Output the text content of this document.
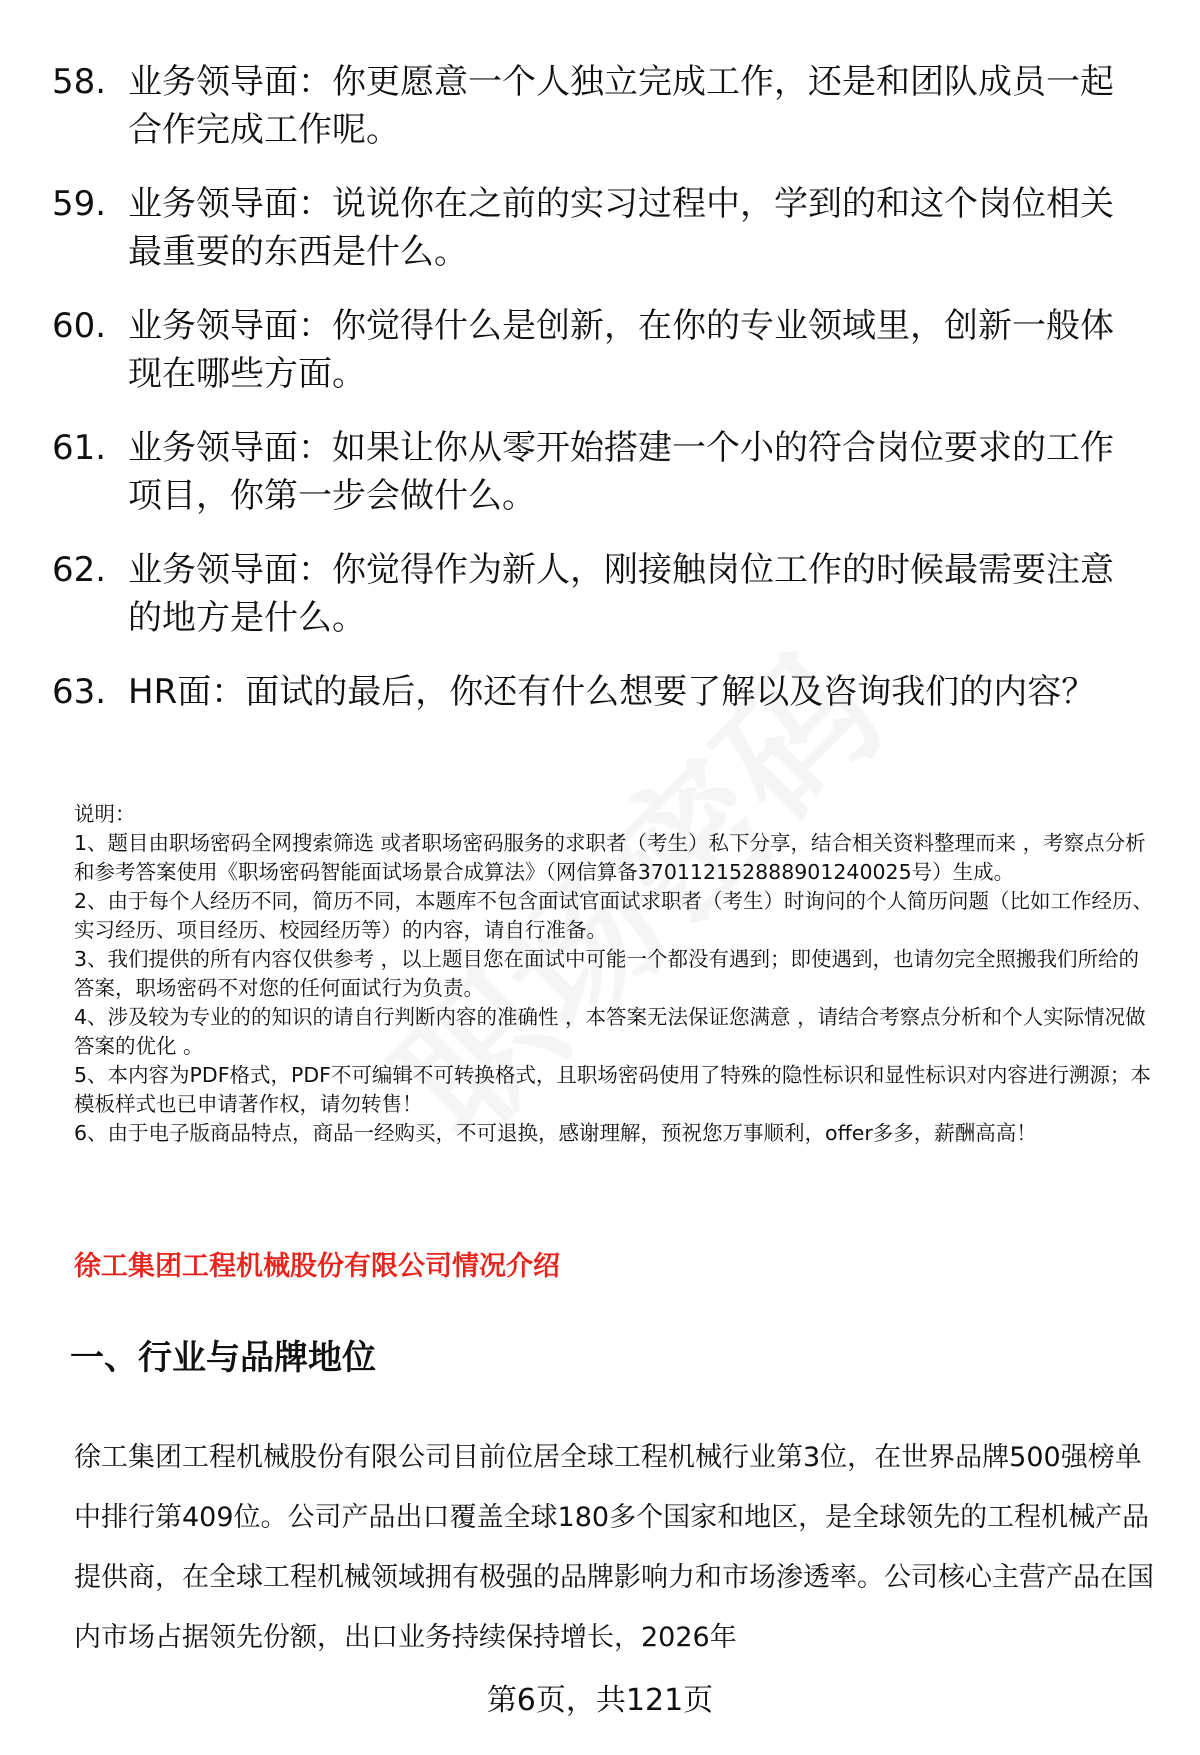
58. 业务领导面：你更愿意一个人独立完成工作，还是和团队成员一起合作完成工作呢。
59. 业务领导面：说说你在之前的实习过程中，学到的和这个岗位相关最重要的东西是什么。
60. 业务领导面：你觉得什么是创新，在你的专业领域里，创新一般体现在哪些方面。
61. 业务领导面：如果让你从零开始搭建一个小的符合岗位要求的工作项目，你第一步会做什么。
62. 业务领导面：你觉得作为新人，刚接触岗位工作的时候最需要注意的地方是什么。
63. HR面：面试的最后，你还有什么想要了解以及咨询我们的内容？

说明：

1、题目由职场密码全网搜索筛选 或者职场密码服务的求职者（考生）私下分享，结合相关资料整理而来 ，考察点分析和参考答案使用《职场密码智能面试场景合成算法》（网信算备370112152888901240025号）生成。

2、由于每个人经历不同，简历不同，本题库不包含面试官面试求职者（考生）时询问的个人简历问题（比如工作经历、实习经历、项目经历、校园经历等）的内容，请自行准备。

3、我们提供的所有内容仅供参考 ，以上题目您在面试中可能一个都没有遇到；即使遇到，也请勿完全照搬我们所给的答案，职场密码不对您的任何面试行为负责。

4、涉及较为专业的的知识的请自行判断内容的准确性 ，本答案无法保证您满意 ，请结合考察点分析和个人实际情况做答案的优化 。

5、本内容为PDF格式，PDF不可编辑不可转换格式，且职场密码使用了特殊的隐性标识和显性标识对内容进行溯源；本模板样式也已申请著作权，请勿转售！

6、由于电子版商品特点，商品一经购买，不可退换，感谢理解，预祝您万事顺利，offer多多，薪酬高高！

徐工集团工程机械股份有限公司情况介绍
一、行业与品牌地位

徐工集团工程机械股份有限公司目前位居全球工程机械行业第3位，在世界品牌500强榜单中排行第409位。公司产品出口覆盖全球180多个国家和地区，是全球领先的工程机械产品提供商，在全球工程机械领域拥有极强的品牌影响力和市场渗透率。公司核心主营产品在国内市场占据领先份额，出口业务持续保持增长，2026年

第6页，共121页
